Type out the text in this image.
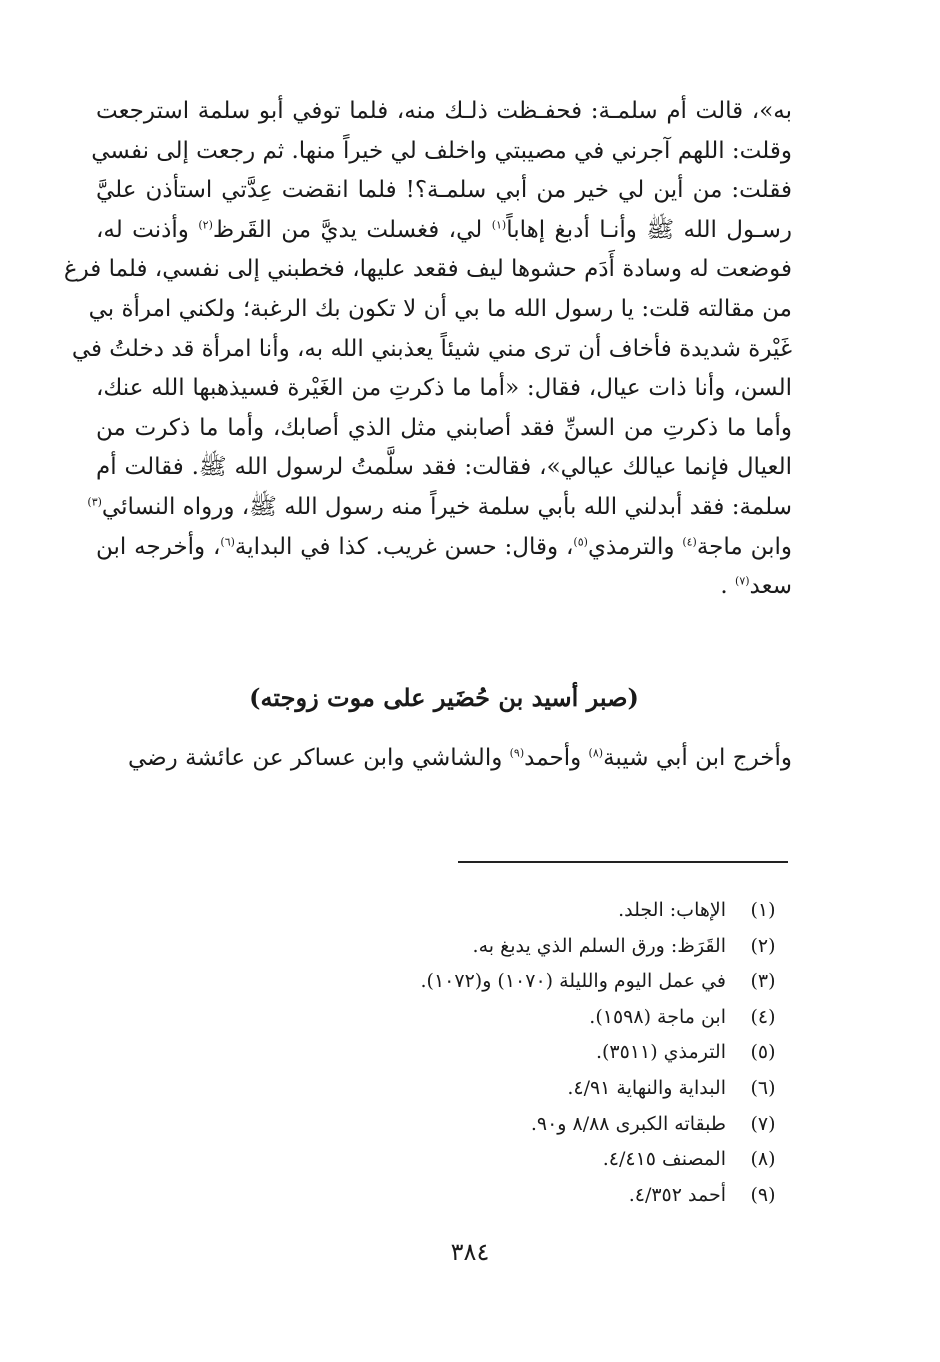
به»، قالت أم سلمـة: فحفـظت ذلـك منه، فلما توفي أبو سلمة استرجعت
وقلت: اللهم آجرني في مصيبتي واخلف لي خيراً منها. ثم رجعت إلى نفسي
فقلت: من أين لي خير من أبي سلمـة؟! فلما انقضت عِدَّتي استأذن عليَّ
رسـول الله ﷺ وأنـا أدبغ إهاباً$^{(١)}$ لي، فغسلت يديَّ من القَرظ$^{(٢)}$ وأذنت له،
فوضعت له وسادة أَدَم حشوها ليف فقعد عليها، فخطبني إلى نفسي، فلما فرغ
من مقالته قلت: يا رسول الله ما بي أن لا تكون بك الرغبة؛ ولكني امرأة بي
غَيْرة شديدة فأخاف أن ترى مني شيئاً يعذبني الله به، وأنا امرأة قد دخلتُ في
السن، وأنا ذات عيال، فقال: «أما ما ذكرتِ من الغَيْرة فسيذهبها الله عنك،
وأما ما ذكرتِ من السنِّ فقد أصابني مثل الذي أصابك، وأما ما ذكرت من
العيال فإنما عيالك عيالي»، فقالت: فقد سلَّمتُ لرسول الله ﷺ. فقالت أم
سلمة: فقد أبدلني الله بأبي سلمة خيراً منه رسول الله ﷺ، ورواه النسائي$^{(٣)}$
وابن ماجة$^{(٤)}$ والترمذي$^{(٥)}$، وقال: حسن غريب. كذا في البداية$^{(٦)}$، وأخرجه ابن
سعد$^{(٧)}$ .
(صبر أسيد بن حُضَير على موت زوجته)
وأخرج ابن أبي شيبة$^{(٨)}$ وأحمد$^{(٩)}$ والشاشي وابن عساكر عن عائشة رضي
(١)
الإهاب: الجلد.
(٢)
القَرَظ: ورق السلم الذي يدبغ به.
(٣)
في عمل اليوم والليلة (١٠٧٠) و(١٠٧٢).
(٤)
ابن ماجة (١٥٩٨).
(٥)
الترمذي (٣٥١١).
(٦)
البداية والنهاية ٤/٩١.
(٧)
طبقاته الكبرى ٨/٨٨ و٩٠.
(٨)
المصنف ٤/٤١٥.
(٩)
أحمد ٤/٣٥٢.
٣٨٤
